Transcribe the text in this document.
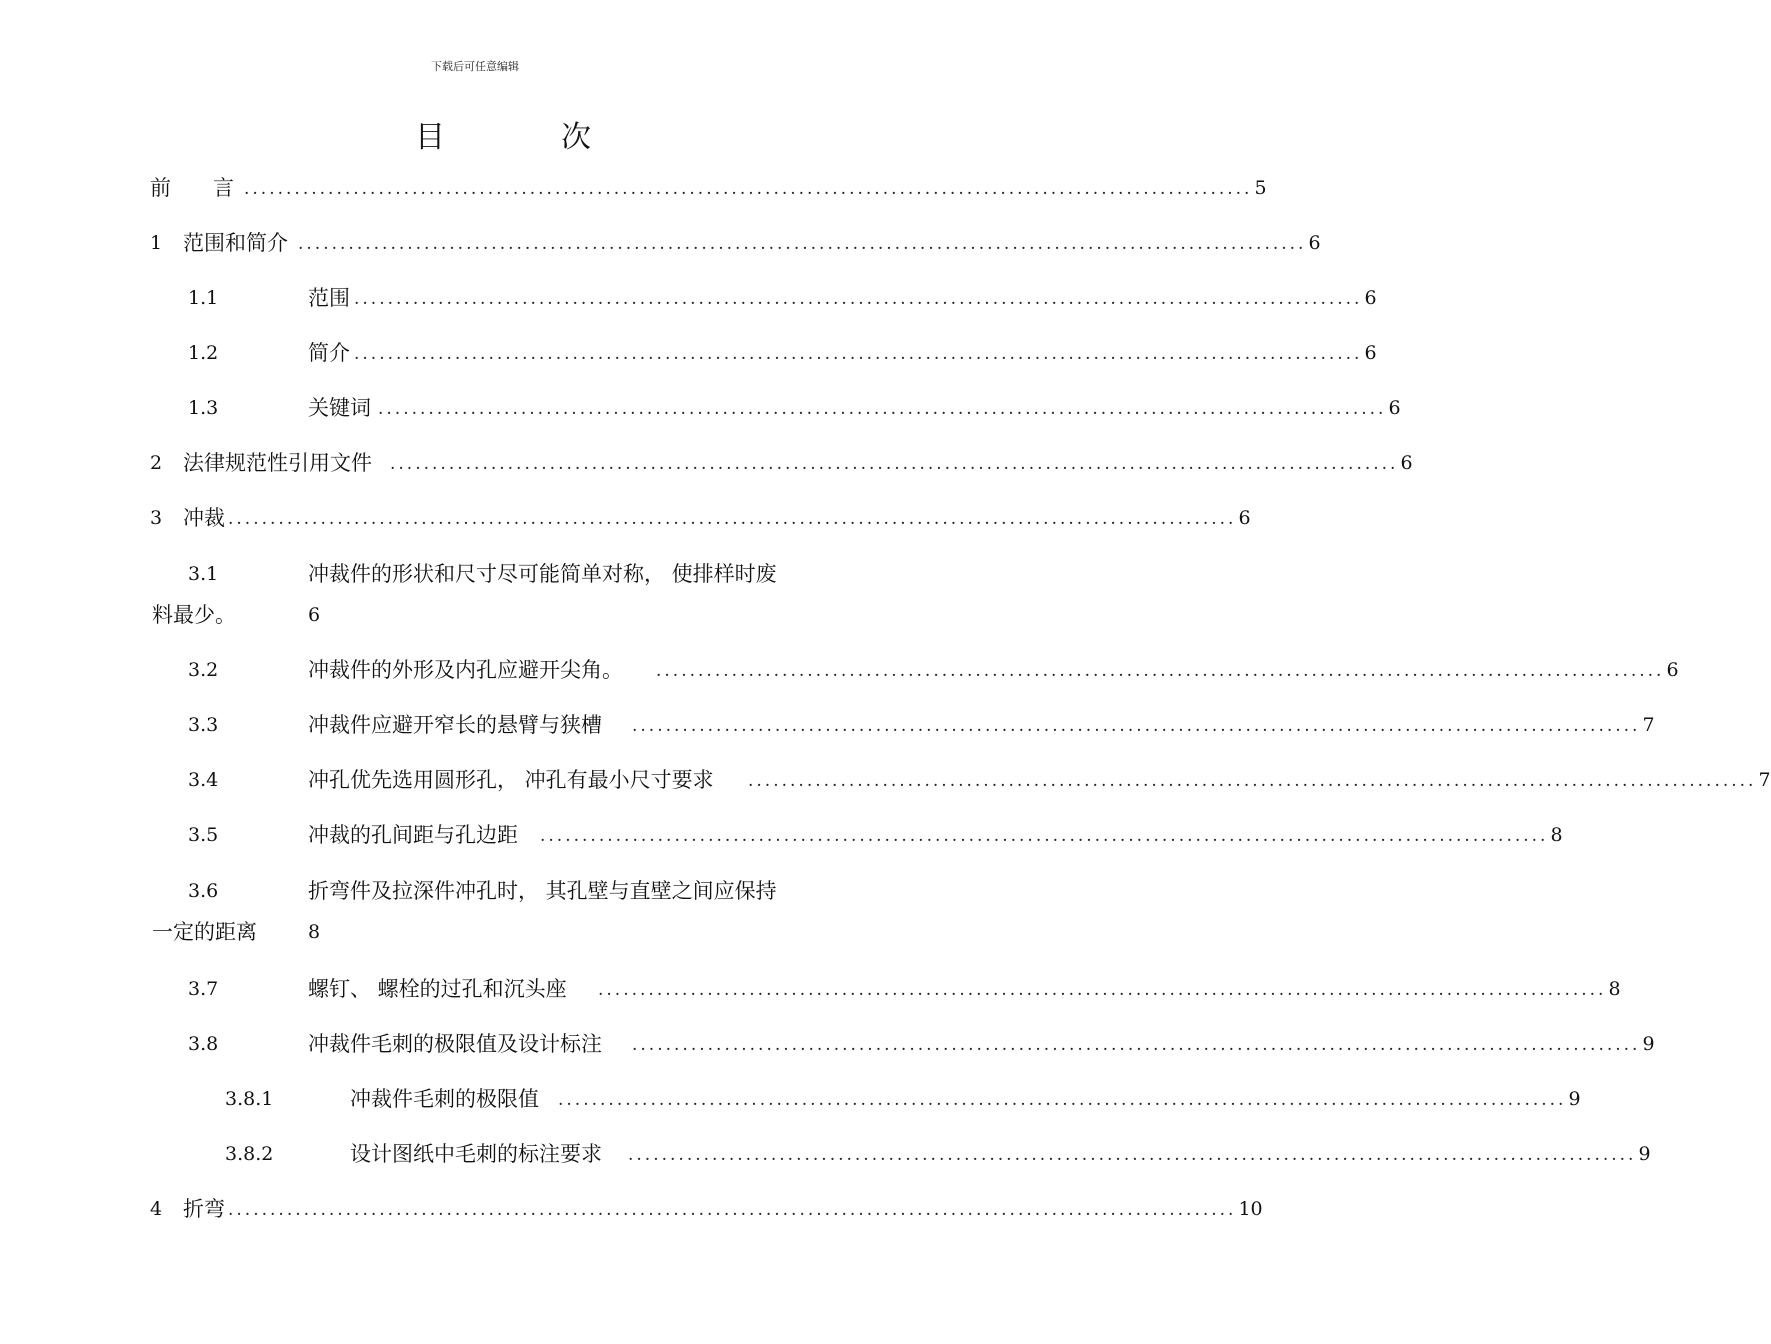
下载后可任意编辑
目	次
前　　言 ........................................................................................................................ 5
1 范围和简介 ........................................................................................................................ 6
1.1	范围 ........................................................................................................................ 6
1.2	简介 ........................................................................................................................ 6
1.3	关键词 ........................................................................................................................ 6
2 法律规范性引用文件 ........................................................................................................................ 6
3 冲裁 ........................................................................................................................ 6
3.1	冲裁件的形状和尺寸尽可能简单对称， 使排样时废
料最少。	6
3.2	冲裁件的外形及内孔应避开尖角。 ........................................................................................................................ 6
3.3	冲裁件应避开窄长的悬臂与狭槽 ........................................................................................................................ 7
3.4	冲孔优先选用圆形孔， 冲孔有最小尺寸要求 ........................................................................................................................ 7
3.5	冲裁的孔间距与孔边距 ........................................................................................................................ 8
3.6	折弯件及拉深件冲孔时， 其孔壁与直壁之间应保持
一定的距离	8
3.7	螺钉、 螺栓的过孔和沉头座 ........................................................................................................................ 8
3.8	冲裁件毛刺的极限值及设计标注 ........................................................................................................................ 9
3.8.1	冲裁件毛刺的极限值 ........................................................................................................................ 9
3.8.2	设计图纸中毛刺的标注要求 ........................................................................................................................ 9
4 折弯 ........................................................................................................................ 10
